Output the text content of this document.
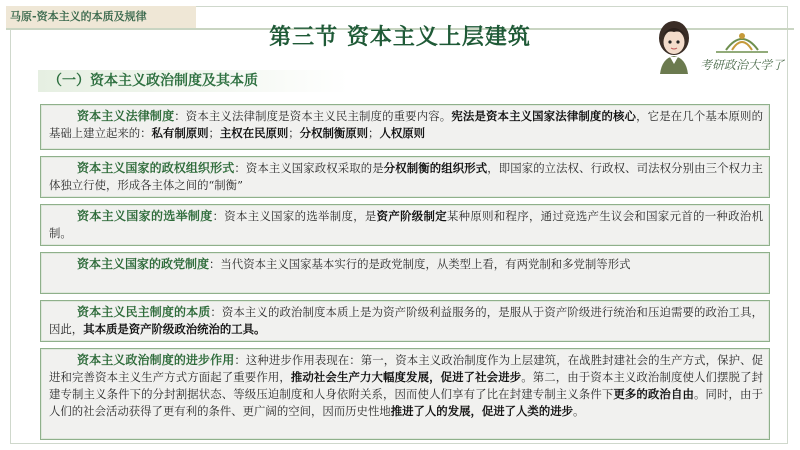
马原-资本主义的本质及规律
第三节 资本主义上层建筑
考研政治大学了
（一）资本主义政治制度及其本质
资本主义法律制度：资本主义法律制度是资本主义民主制度的重要内容。宪法是资本主义国家法律制度的核心，它是在几个基本原则的基础上建立起来的：私有制原则；主权在民原则；分权制衡原则；人权原则
资本主义国家的政权组织形式：资本主义国家政权采取的是分权制衡的组织形式，即国家的立法权、行政权、司法权分别由三个权力主体独立行使，形成各主体之间的“制衡”
资本主义国家的选举制度：资本主义国家的选举制度，是资产阶级制定某种原则和程序，通过竞选产生议会和国家元首的一种政治机制。
资本主义国家的政党制度：当代资本主义国家基本实行的是政党制度，从类型上看，有两党制和多党制等形式
资本主义民主制度的本质：资本主义的政治制度本质上是为资产阶级利益服务的，是服从于资产阶级进行统治和压迫需要的政治工具，因此，其本质是资产阶级政治统治的工具。
资本主义政治制度的进步作用：这种进步作用表现在：第一，资本主义政治制度作为上层建筑，在战胜封建社会的生产方式，保护、促进和完善资本主义生产方式方面起了重要作用，推动社会生产力大幅度发展，促进了社会进步。第二，由于资本主义政治制度使人们摆脱了封建专制主义条件下的分封割据状态、等级压迫制度和人身依附关系，因而使人们享有了比在封建专制主义条件下更多的政治自由。同时，由于人们的社会活动获得了更有利的条件、更广阔的空间，因而历史性地推进了人的发展，促进了人类的进步。
